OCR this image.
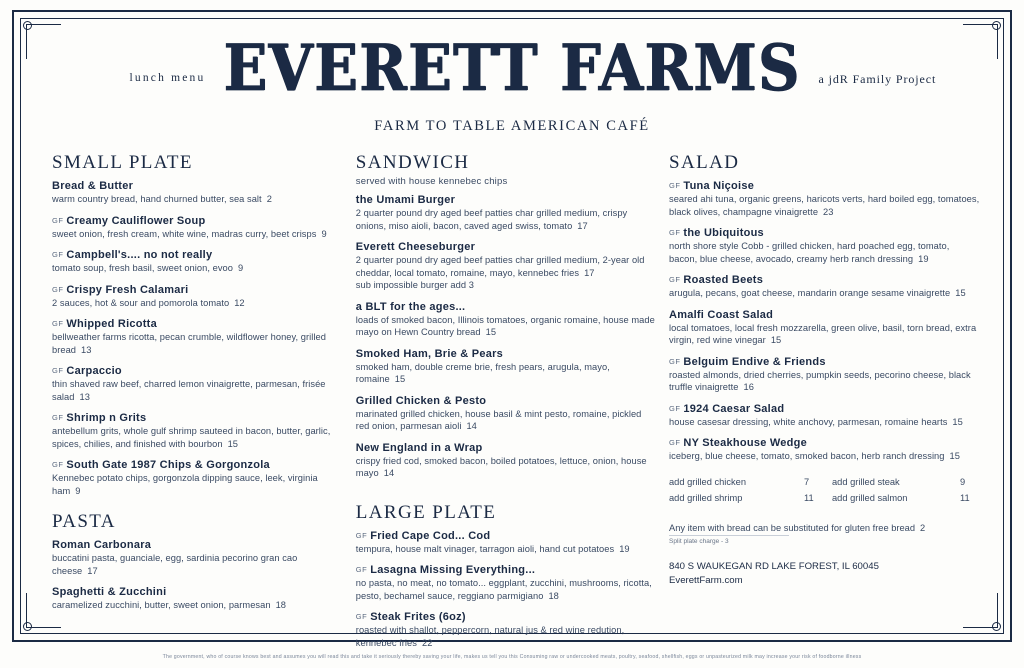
lunch menu EVERETT FARMS
FARM TO TABLE AMERICAN CAFÉ
a jdR Family Project
SMALL PLATE
Bread & Butter
warm country bread, hand churned butter, sea salt 2
GF Creamy Cauliflower Soup
sweet onion, fresh cream, white wine, madras curry, beet crisps 9
GF Campbell's.... no not really
tomato soup, fresh basil, sweet onion, evoo 9
GF Crispy Fresh Calamari
2 sauces, hot & sour and pomorola tomato 12
GF Whipped Ricotta
bellweather farms ricotta, pecan crumble, wildflower honey, grilled bread 13
GF Carpaccio
thin shaved raw beef, charred lemon vinaigrette, parmesan, frisée salad 13
GF Shrimp n Grits
antebellum grits, whole gulf shrimp sauteed in bacon, butter, garlic, spices, chilies, and finished with bourbon 15
GF South Gate 1987 Chips & Gorgonzola
Kennebec potato chips, gorgonzola dipping sauce, leek, virginia ham 9
PASTA
Roman Carbonara
buccatini pasta, guanciale, egg, sardinia pecorino gran cao cheese 17
Spaghetti & Zucchini
caramelized zucchini, butter, sweet onion, parmesan 18
SANDWICH
served with house kennebec chips
the Umami Burger
2 quarter pound dry aged beef patties char grilled medium, crispy onions, miso aioli, bacon, caved aged swiss, tomato 17
Everett Cheeseburger
2 quarter pound dry aged beef patties char grilled medium, 2-year old cheddar, local tomato, romaine, mayo, kennebec fries 17
sub impossible burger add 3
a BLT for the ages...
loads of smoked bacon, Illinois tomatoes, organic romaine, house made mayo on Hewn Country bread 15
Smoked Ham, Brie & Pears
smoked ham, double creme brie, fresh pears, arugula, mayo, romaine 15
Grilled Chicken & Pesto
marinated grilled chicken, house basil & mint pesto, romaine, pickled red onion, parmesan aioli 14
New England in a Wrap
crispy fried cod, smoked bacon, boiled potatoes, lettuce, onion, house mayo 14
LARGE PLATE
GF Fried Cape Cod... Cod
tempura, house malt vinager, tarragon aioli, hand cut potatoes 19
GF Lasagna Missing Everything...
no pasta, no meat, no tomato... eggplant, zucchini, mushrooms, ricotta, pesto, bechamel sauce, reggiano parmigiano 18
GF Steak Frites (6oz)
roasted with shallot, peppercorn, natural jus & red wine redution, kennebec fries 22
SALAD
GF Tuna Niçoise
seared ahi tuna, organic greens, haricots verts, hard boiled egg, tomatoes, black olives, champagne vinaigrette 23
GF the Ubiquitous
north shore style Cobb - grilled chicken, hard poached egg, tomato, bacon, blue cheese, avocado, creamy herb ranch dressing 19
GF Roasted Beets
arugula, pecans, goat cheese, mandarin orange sesame vinaigrette 15
Amalfi Coast Salad
local tomatoes, local fresh mozzarella, green olive, basil, torn bread, extra virgin, red wine vinegar 15
GF Belguim Endive & Friends
roasted almonds, dried cherries, pumpkin seeds, pecorino cheese, black truffle vinaigrette 16
GF 1924 Caesar Salad
house casesar dressing, white anchovy, parmesan, romaine hearts 15
GF NY Steakhouse Wedge
iceberg, blue cheese, tomato, smoked bacon, herb ranch dressing 15
add grilled chicken	7	add grilled steak	9
add grilled shrimp	11	add grilled salmon	11
Any item with bread can be substituted for gluten free bread 2
Split plate charge - 3
840 S WAUKEGAN RD LAKE FOREST, IL 60045
EverettFarm.com
The government, who of course knows best and assumes you will read this and take it seriously thereby saving your life, makes us tell you this Consuming raw or undercooked meats, poultry, seafood, shellfish, eggs or unpasteurized milk may increase your risk of foodborne illness
